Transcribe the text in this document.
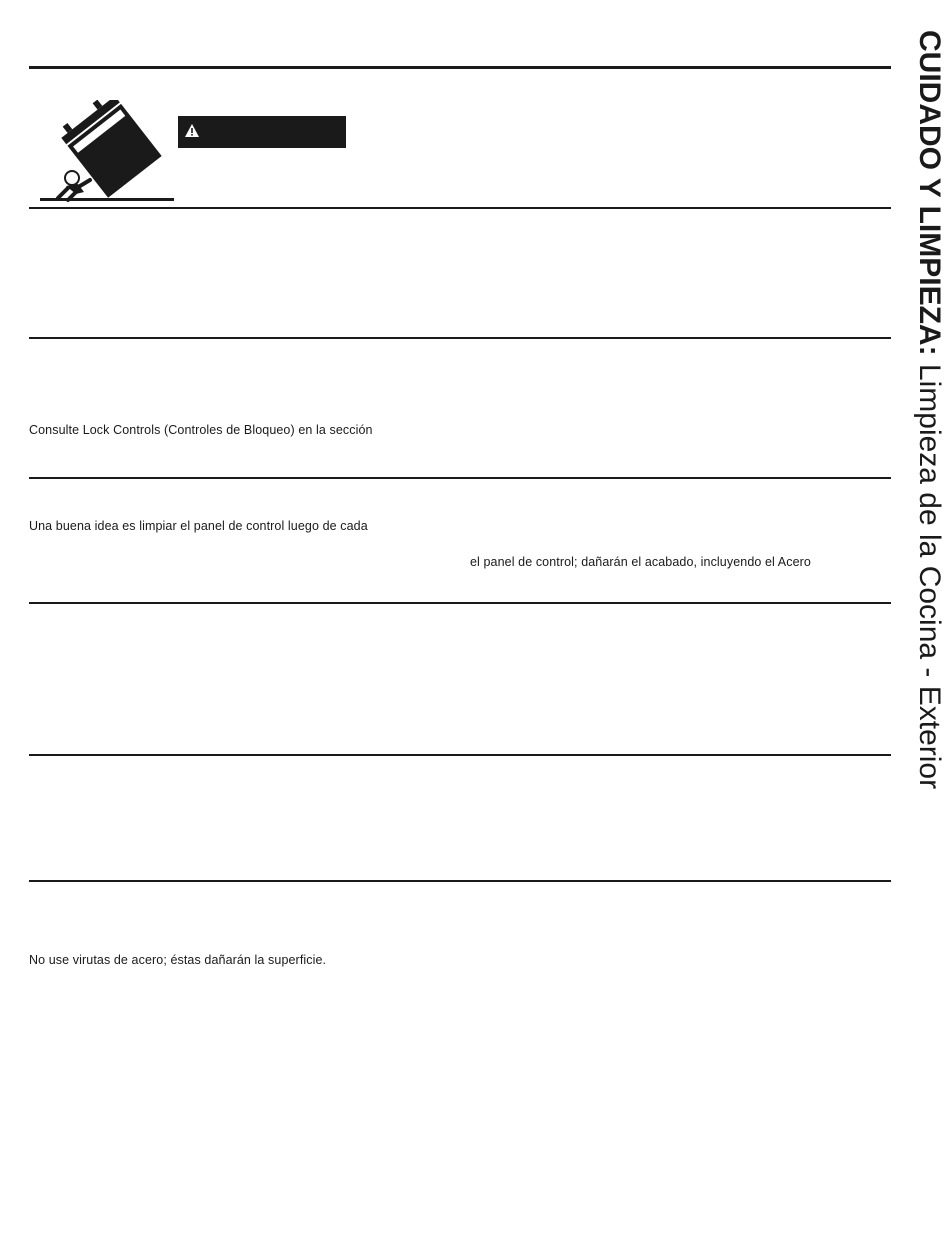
Consulte Lock Controls (Controles de Bloqueo) en la sección
Una buena idea es limpiar el panel de control luego de cada
el panel de control; dañarán el acabado, incluyendo el Acero
No use virutas de acero; éstas dañarán la superficie.
CUIDADO Y LIMPIEZA: Limpieza de la Cocina - Exterior
